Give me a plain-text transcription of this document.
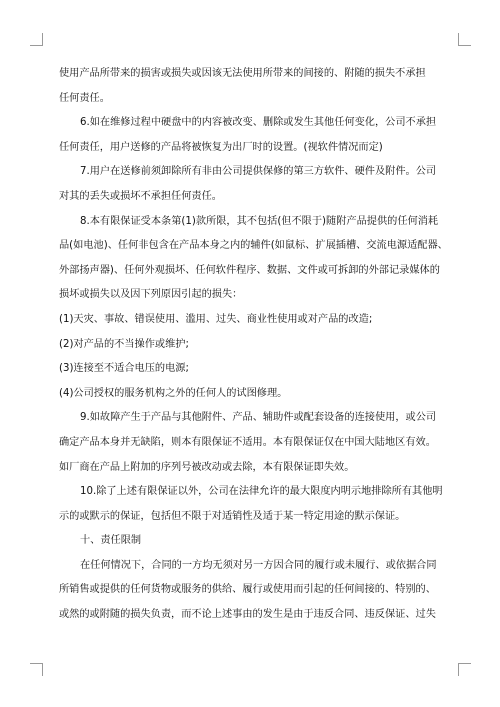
使用产品所带来的损害或损失或因该无法使用所带来的间接的、附随的损失不承担
任何责任。
6.如在维修过程中硬盘中的内容被改变、删除或发生其他任何变化，公司不承担
任何责任，用户送修的产品将被恢复为出厂时的设置。(视软件情况而定)
7.用户在送修前须卸除所有非由公司提供保修的第三方软件、硬件及附件。公司
对其的丢失或损坏不承担任何责任。
8.本有限保证受本条第(1)款所限，其不包括(但不限于)随附产品提供的任何消耗
品(如电池)、任何非包含在产品本身之内的辅件(如鼠标、扩展插槽、交流电源适配器、
外部扬声器)、任何外观损坏、任何软件程序、数据、文件或可拆卸的外部记录媒体的
损坏或损失以及因下列原因引起的损失：
(1)天灾、事故、错误使用、滥用、过失、商业性使用或对产品的改造;
(2)对产品的不当操作或维护;
(3)连接至不适合电压的电源;
(4)公司授权的服务机构之外的任何人的试图修理。
9.如故障产生于产品与其他附件、产品、辅助件或配套设备的连接使用，或公司
确定产品本身并无缺陷，则本有限保证不适用。本有限保证仅在中国大陆地区有效。
如厂商在产品上附加的序列号被改动或去除，本有限保证即失效。
10.除了上述有限保证以外，公司在法律允许的最大限度内明示地排除所有其他明
示的或默示的保证，包括但不限于对适销性及适于某一特定用途的默示保证。
十、责任限制
在任何情况下，合同的一方均无须对另一方因合同的履行或未履行、或依据合同
所销售或提供的任何货物或服务的供给、履行或使用而引起的任何间接的、特别的、
或然的或附随的损失负责，而不论上述事由的发生是由于违反合同、违反保证、过失
